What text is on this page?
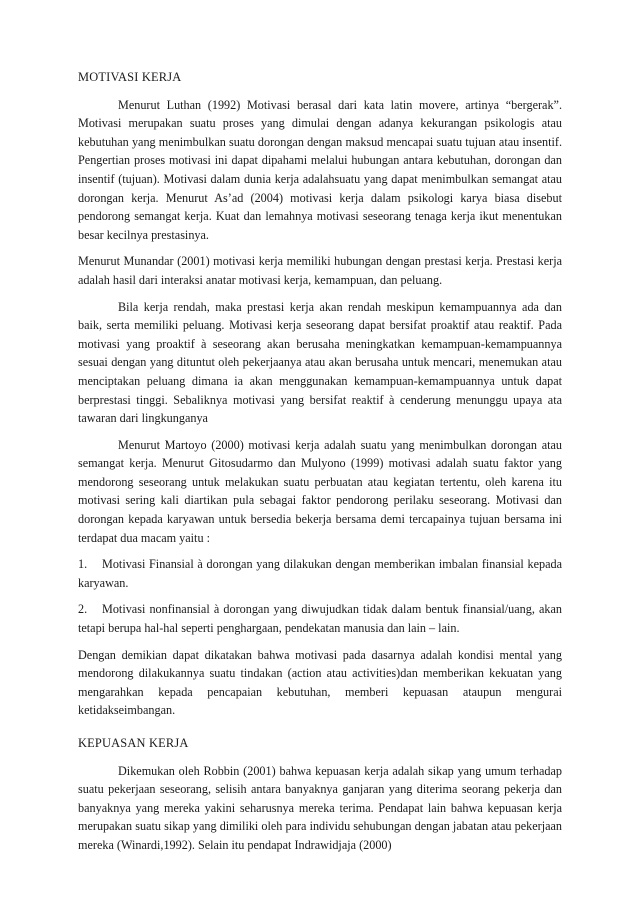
MOTIVASI KERJA

Menurut Luthan (1992) Motivasi berasal dari kata latin movere, artinya “bergerak”. Motivasi merupakan suatu proses yang dimulai dengan adanya kekurangan psikologis atau kebutuhan yang menimbulkan suatu dorongan dengan maksud mencapai suatu tujuan atau insentif. Pengertian proses motivasi ini dapat dipahami melalui hubungan antara kebutuhan, dorongan dan insentif (tujuan). Motivasi dalam dunia kerja adalahsuatu yang dapat menimbulkan semangat atau dorongan kerja. Menurut As’ad (2004) motivasi kerja dalam psikologi karya biasa disebut pendorong semangat kerja. Kuat dan lemahnya motivasi seseorang tenaga kerja ikut menentukan besar kecilnya prestasinya.

Menurut Munandar (2001) motivasi kerja memiliki hubungan dengan prestasi kerja. Prestasi kerja adalah hasil dari interaksi anatar motivasi kerja, kemampuan, dan peluang.

Bila kerja rendah, maka prestasi kerja akan rendah meskipun kemampuannya ada dan baik, serta memiliki peluang. Motivasi kerja seseorang dapat bersifat proaktif atau reaktif. Pada motivasi yang proaktif à seseorang akan berusaha meningkatkan kemampuan-kemampuannya sesuai dengan yang dituntut oleh pekerjaanya atau akan berusaha untuk mencari, menemukan atau menciptakan peluang dimana ia akan menggunakan kemampuan-kemampuannya untuk dapat berprestasi tinggi. Sebaliknya motivasi yang bersifat reaktif à cenderung menunggu upaya ata tawaran dari lingkunganya

Menurut Martoyo (2000) motivasi kerja adalah suatu yang menimbulkan dorongan atau semangat kerja. Menurut Gitosudarmo dan Mulyono (1999) motivasi adalah suatu faktor yang mendorong seseorang untuk melakukan suatu perbuatan atau kegiatan tertentu, oleh karena itu motivasi sering kali diartikan pula sebagai faktor pendorong perilaku seseorang. Motivasi dan dorongan kepada karyawan untuk bersedia bekerja bersama demi tercapainya tujuan bersama ini terdapat dua macam yaitu :

1. Motivasi Finansial à dorongan yang dilakukan dengan memberikan imbalan finansial kepada karyawan.
2. Motivasi nonfinansial à dorongan yang diwujudkan tidak dalam bentuk finansial/uang, akan tetapi berupa hal-hal seperti penghargaan, pendekatan manusia dan lain – lain.

Dengan demikian dapat dikatakan bahwa motivasi pada dasarnya adalah kondisi mental yang mendorong dilakukannya suatu tindakan (action atau activities)dan memberikan kekuatan yang mengarahkan kepada pencapaian kebutuhan, memberi kepuasan ataupun mengurai ketidakseimbangan.

KEPUASAN KERJA

Dikemukan oleh Robbin (2001) bahwa kepuasan kerja adalah sikap yang umum terhadap suatu pekerjaan seseorang, selisih antara banyaknya ganjaran yang diterima seorang pekerja dan banyaknya yang mereka yakini seharusnya mereka terima. Pendapat lain bahwa kepuasan kerja merupakan suatu sikap yang dimiliki oleh para individu sehubungan dengan jabatan atau pekerjaan mereka (Winardi,1992). Selain itu pendapat Indrawidjaja (2000)
